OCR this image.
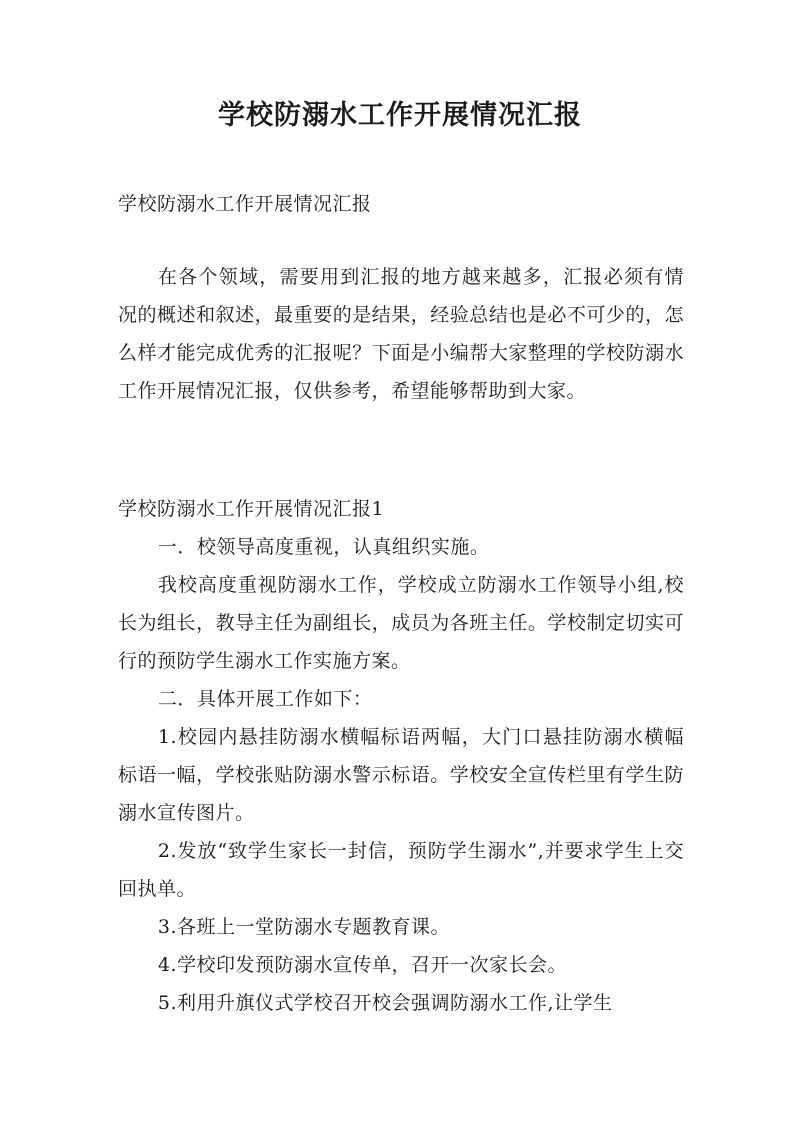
学校防溺水工作开展情况汇报

学校防溺水工作开展情况汇报

在各个领域，需要用到汇报的地方越来越多，汇报必须有情况的概述和叙述，最重要的是结果，经验总结也是必不可少的，怎么样才能完成优秀的汇报呢？下面是小编帮大家整理的学校防溺水工作开展情况汇报，仅供参考，希望能够帮助到大家。

学校防溺水工作开展情况汇报1

一．校领导高度重视，认真组织实施。

我校高度重视防溺水工作，学校成立防溺水工作领导小组,校长为组长，教导主任为副组长，成员为各班主任。学校制定切实可行的预防学生溺水工作实施方案。

二．具体开展工作如下：

1.校园内悬挂防溺水横幅标语两幅，大门口悬挂防溺水横幅标语一幅，学校张贴防溺水警示标语。学校安全宣传栏里有学生防溺水宣传图片。

2.发放“致学生家长一封信，预防学生溺水”,并要求学生上交回执单。

3.各班上一堂防溺水专题教育课。

4.学校印发预防溺水宣传单，召开一次家长会。

5.利用升旗仪式学校召开校会强调防溺水工作,让学生
